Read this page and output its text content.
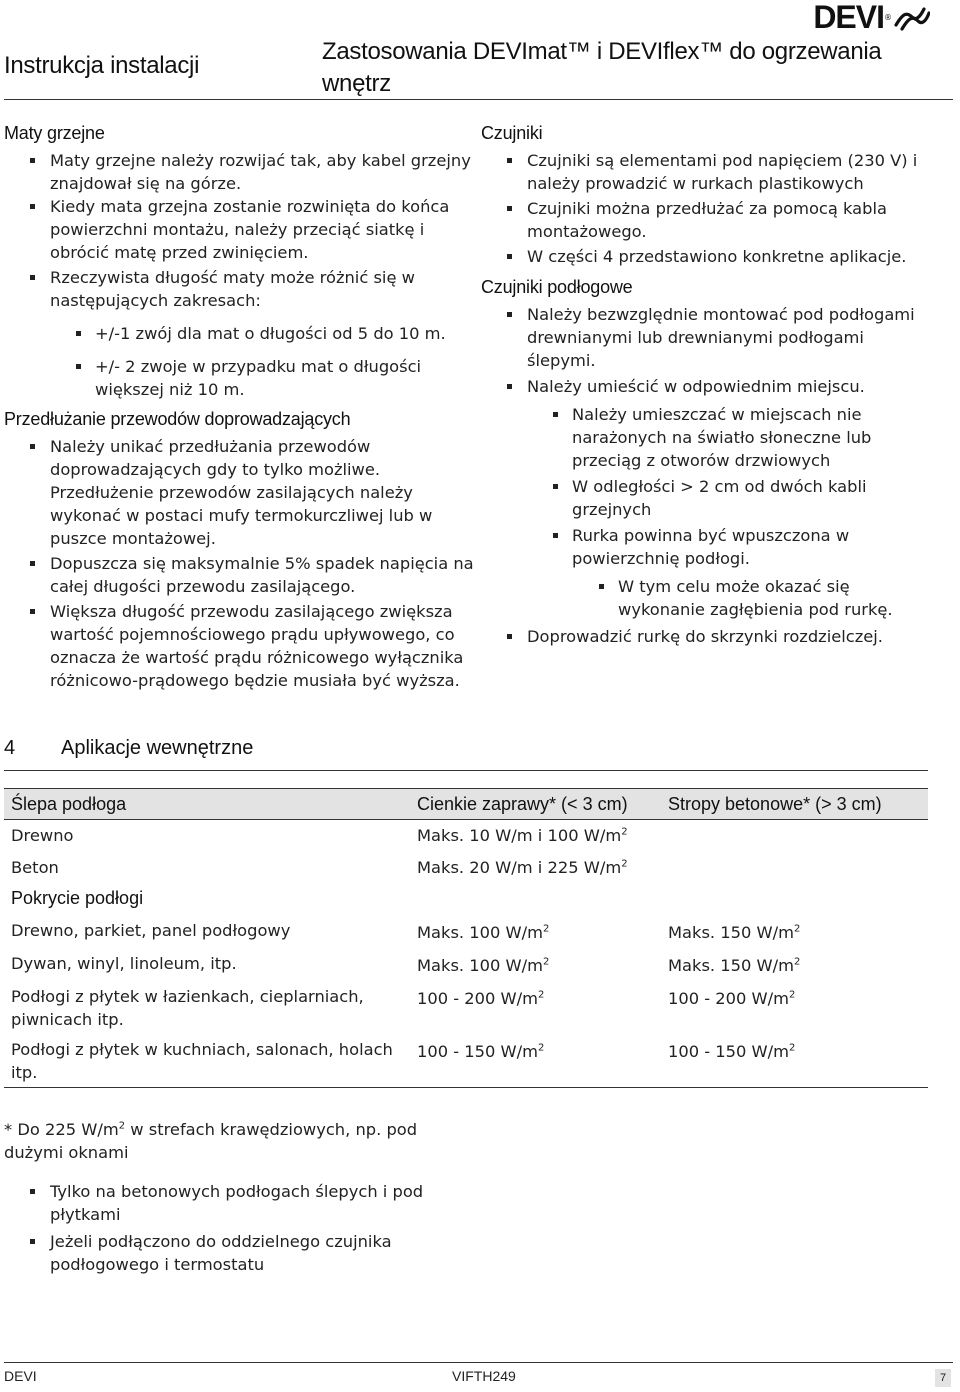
Instrukcja instalacji
Zastosowania DEVImat™ i DEVIflex™ do ogrzewania wnętrz
DEVI ®
Maty grzejne
Maty grzejne należy rozwijać tak, aby kabel grzejny znajdował się na górze.
Kiedy mata grzejna zostanie rozwinięta do końca powierzchni montażu, należy przeciąć siatkę i obrócić matę przed zwinięciem.
Rzeczywista długość maty może różnić się w następujących zakresach:
+/-1 zwój dla mat o długości od 5 do 10 m.
+/- 2 zwoje w przypadku mat o długości większej niż 10 m.
Przedłużanie przewodów doprowadzających
Należy unikać przedłużania przewodów doprowadzających gdy to tylko możliwe. Przedłużenie przewodów zasilających należy wykonać w postaci mufy termokurczliwej lub w puszce montażowej.
Dopuszcza się maksymalnie 5% spadek napięcia na całej długości przewodu zasilającego.
Większa długość przewodu zasilającego zwiększa wartość pojemnościowego prądu upływowego, co oznacza że wartość prądu różnicowego wyłącznika różnicowo-prądowego będzie musiała być wyższa.
Czujniki
Czujniki są elementami pod napięciem (230 V) i należy prowadzić w rurkach plastikowych
Czujniki można przedłużać za pomocą kabla montażowego.
W części 4 przedstawiono konkretne aplikacje.
Czujniki podłogowe
Należy bezwzględnie montować pod podłogami drewnianymi lub drewnianymi podłogami ślepymi.
Należy umieścić w odpowiednim miejscu.
Należy umieszczać w miejscach nie narażonych na światło słoneczne lub przeciąg z otworów drzwiowych
W odległości > 2 cm od dwóch kabli grzejnych
Rurka powinna być wpuszczona w powierzchnię podłogi.
W tym celu może okazać się wykonanie zagłębienia pod rurkę.
Doprowadzić rurkę do skrzynki rozdzielczej.
4 Aplikacje wewnętrzne
Ślepa podłoga	Cienkie zaprawy* (< 3 cm)	Stropy betonowe* (> 3 cm)
Drewno	Maks. 10 W/m i 100 $W/m^2$	
Beton	Maks. 20 W/m i 225 $W/m^2$	
Pokrycie podłogi		
Drewno, parkiet, panel podłogowy	Maks. 100 $W/m^2$	Maks. 150 $W/m^2$
Dywan, winyl, linoleum, itp.	Maks. 100 $W/m^2$	Maks. 150 $W/m^2$
Podłogi z płytek w łazienkach, cieplarniach, piwnicach itp.	100 - 200 $W/m^2$	100 - 200 $W/m^2$
Podłogi z płytek w kuchniach, salonach, holach itp.	100 - 150 $W/m^2$	100 - 150 $W/m^2$
* Do 225 $W/m^2$ w strefach krawędziowych, np. pod dużymi oknami
Tylko na betonowych podłogach ślepych i pod płytkami
Jeżeli podłączono do oddzielnego czujnika podłogowego i termostatu
DEVI	VIFTH249	7
